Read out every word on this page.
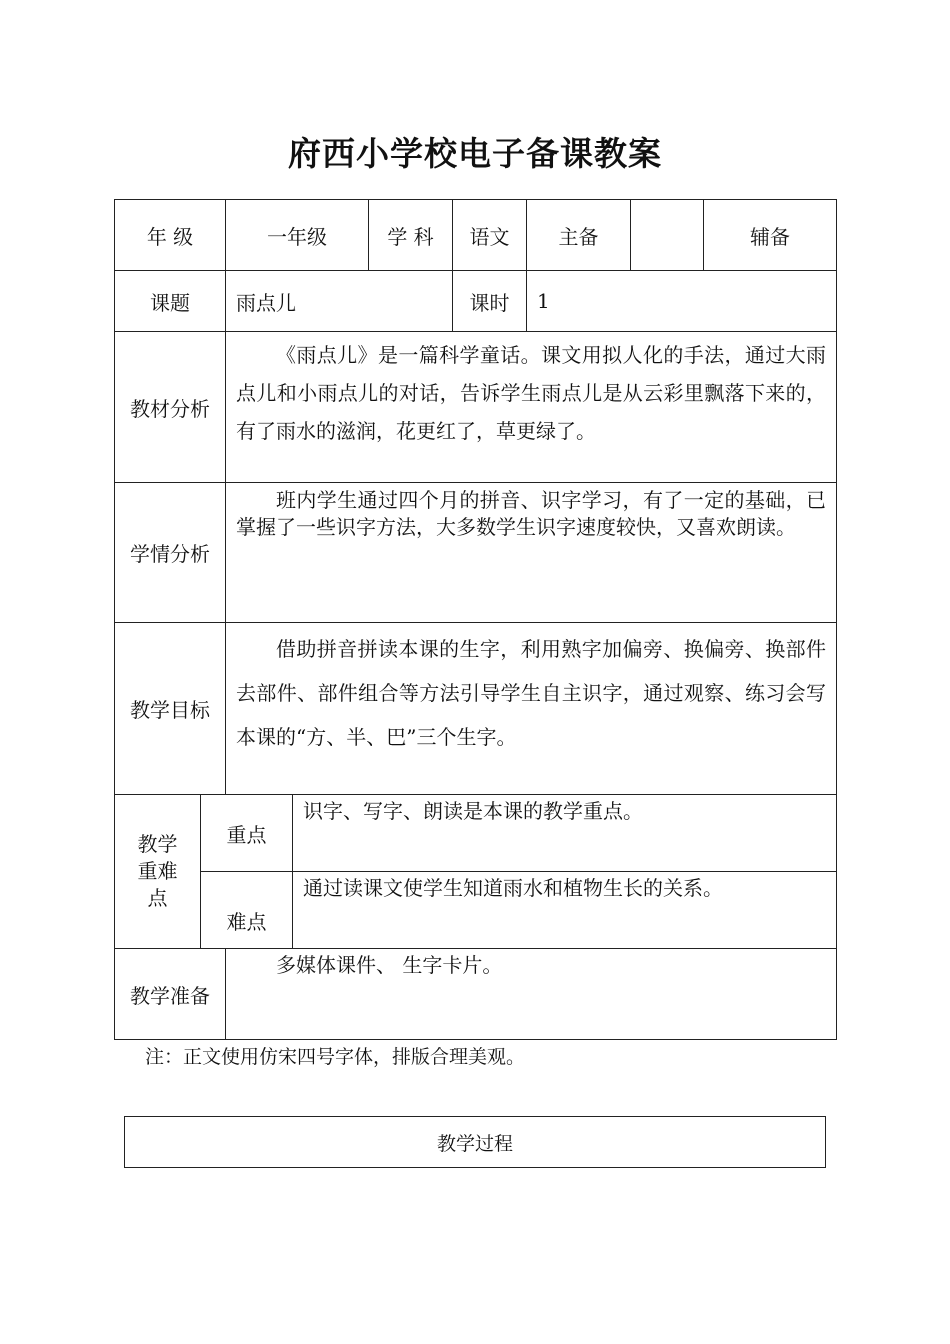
府西小学校电子备课教案
年 级		一年级		学 科	语文	主备		辅备
课题		雨点儿			课时	1		
教材分析		《雨点儿》是一篇科学童话。课文用拟人化的手法，通过大雨点儿和小雨点儿的对话，告诉学生雨点儿是从云彩里飘落下来的，有了雨水的滋润，花更红了，草更绿了。						
学情分析		班内学生通过四个月的拼音、识字学习，有了一定的基础，已掌握了一些识字方法，大多数学生识字速度较快，又喜欢朗读。						
教学目标		借助拼音拼读本课的生字，利用熟字加偏旁、换偏旁、换部件去部件、部件组合等方法引导学生自主识字，通过观察、练习会写本课的“方、半、巴”三个生字。						
教学重难点	重点		识字、写字、朗读是本课的教学重点。					
	难点		通过读课文使学生知道雨水和植物生长的关系。					
教学准备		多媒体课件、 生字卡片。						
注：正文使用仿宋四号字体，排版合理美观。
教学过程
